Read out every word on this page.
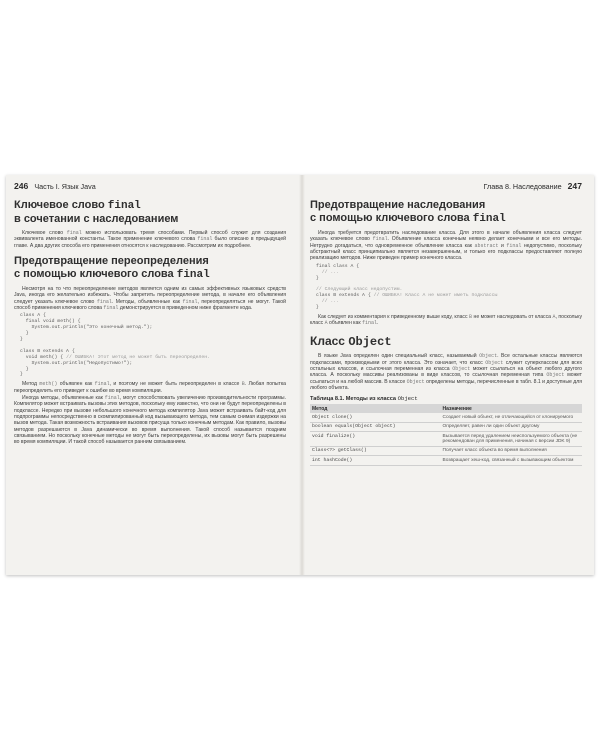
246 Часть I. Язык Java
Ключевое слово final
в сочетании с наследованием

Ключевое слово final можно использовать тремя способами. Первый способ служит для создания эквивалента именованной константы. Такое применение ключевого слова final было описано в предыдущей главе. А два других способа его применения относятся к наследованию. Рассмотрим их подробнее.

Предотвращение переопределения
с помощью ключевого слова final

Несмотря на то что переопределение методов является одним из самых эффективных языковых средств Java, иногда его желательно избежать. Чтобы запретить переопределение метода, в начале его объявления следует указать ключевое слово final. Методы, объявленные как final, переопределяться не могут. Такой способ применения ключевого слова final демонстрируется в приведенном ниже фрагменте кода.

class A {
final void meth() {
System.out.println("Это конечный метод.");
}
}

class B extends A {
void meth() { // ОШИБКА! Этот метод не может быть переопределен.
System.out.println("Недопустимо!");
}
}

Метод meth() объявлен как final, и поэтому не может быть переопределен в классе B. Любая попытка переопределить его приведет к ошибке во время компиляции.

Иногда методы, объявленные как final, могут способствовать увеличению производительности программы. Компилятор может встраивать вызовы этих методов, поскольку ему известно, что они не будут переопределены в подклассе. Нередко при вызове небольшого конечного метода компилятор Java может встраивать байт-код для подпрограммы непосредственно в скомпилированный код вызывающего метода, тем самым снимая издержки на вызов метода. Такая возможность встраивания вызовов присуща только конечным методам. Как правило, вызовы методов разрешаются в Java динамически во время выполнения. Такой способ называется поздним связыванием. Но поскольку конечные методы не могут быть переопределены, их вызовы могут быть разрешены во время компиляции. И такой способ называется ранним связыванием.

Глава 8. Наследование 247
Предотвращение наследования
с помощью ключевого слова final

Иногда требуется предотвратить наследование класса. Для этого в начале объявления класса следует указать ключевое слово final. Объявление класса конечным неявно делает конечными и все его методы. Нетрудно догадаться, что одновременное объявление класса как abstract и final недопустимо, поскольку абстрактный класс принципиально является незавершенным, и только его подклассы предоставляют полную реализацию методов. Ниже приведен пример конечного класса.

final class A {
// ...
}

// Следующий класс недопустим.
class B extends A { // ОШИБКА! Класс A не может иметь подклассы
// ...
}

Как следует из комментария к приведенному выше коду, класс B не может наследовать от класса A, поскольку класс A объявлен как final.

Класс Object

В языке Java определен один специальный класс, называемый Object. Все остальные классы являются подклассами, производными от этого класса. Это означает, что класс Object служит суперклассом для всех остальных классов, и ссылочная переменная из класса Object может ссылаться на объект любого другого класса. А поскольку массивы реализованы в виде классов, то ссылочная переменная типа Object может ссылаться и на любой массив. В классе Object определены методы, перечисленные в табл. 8.1 и доступные для любого объекта.

Таблица 8.1. Методы из класса Object
Метод	Назначение
Object clone()	Создает новый объект, не отличающийся от клонируемого
boolean equals(Object object)	Определяет, равен ли один объект другому
void finalize()	Вызывается перед удалением неиспользуемого объекта (не рекомендован для применения, начиная с версии JDK 9)
Class<?> getClass()	Получает класс объекта во время выполнения
int hashCode()	Возвращает хеш-код, связанный с вызывающим объектом
